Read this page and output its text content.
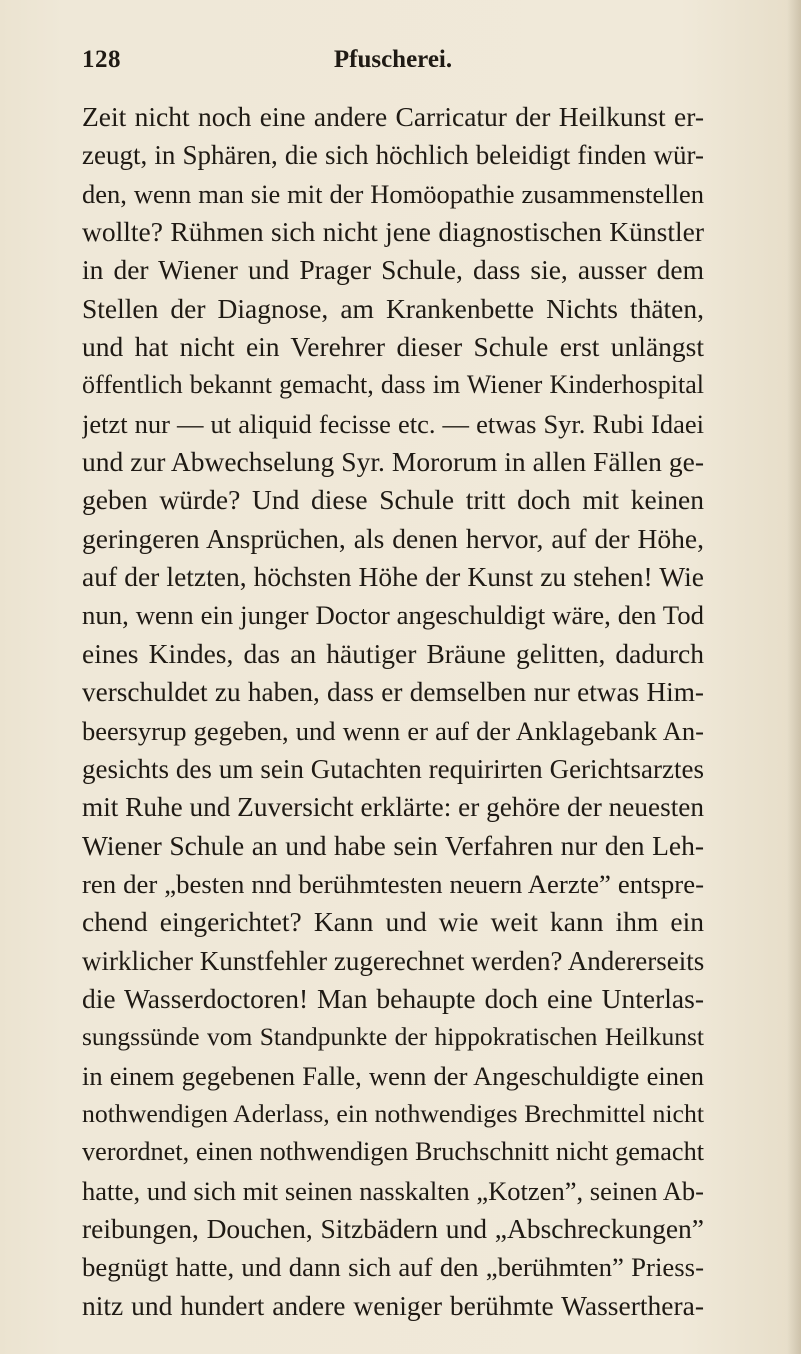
128	Pfuscherei.
Zeit nicht noch eine andere Carricatur der Heilkunst er-
zeugt, in Sphären, die sich höchlich beleidigt finden wür-
den, wenn man sie mit der Homöopathie zusammenstellen
wollte? Rühmen sich nicht jene diagnostischen Künstler
in der Wiener und Prager Schule, dass sie, ausser dem
Stellen der Diagnose, am Krankenbette Nichts thäten,
und hat nicht ein Verehrer dieser Schule erst unlängst
öffentlich bekannt gemacht, dass im Wiener Kinderhospital
jetzt nur — ut aliquid fecisse etc. — etwas Syr. Rubi Idaei
und zur Abwechselung Syr. Mororum in allen Fällen ge-
geben würde? Und diese Schule tritt doch mit keinen
geringeren Ansprüchen, als denen hervor, auf der Höhe,
auf der letzten, höchsten Höhe der Kunst zu stehen! Wie
nun, wenn ein junger Doctor angeschuldigt wäre, den Tod
eines Kindes, das an häutiger Bräune gelitten, dadurch
verschuldet zu haben, dass er demselben nur etwas Him-
beersyrup gegeben, und wenn er auf der Anklagebank An-
gesichts des um sein Gutachten requirirten Gerichtsarztes
mit Ruhe und Zuversicht erklärte: er gehöre der neuesten
Wiener Schule an und habe sein Verfahren nur den Leh-
ren der „besten nnd berühmtesten neuern Aerzte” entspre-
chend eingerichtet? Kann und wie weit kann ihm ein
wirklicher Kunstfehler zugerechnet werden? Andererseits
die Wasserdoctoren! Man behaupte doch eine Unterlas-
sungssünde vom Standpunkte der hippokratischen Heilkunst
in einem gegebenen Falle, wenn der Angeschuldigte einen
nothwendigen Aderlass, ein nothwendiges Brechmittel nicht
verordnet, einen nothwendigen Bruchschnitt nicht gemacht
hatte, und sich mit seinen nasskalten „Kotzen”, seinen Ab-
reibungen, Douchen, Sitzbädern und „Abschreckungen”
begnügt hatte, und dann sich auf den „berühmten” Priess-
nitz und hundert andere weniger berühmte Wasserthera-
